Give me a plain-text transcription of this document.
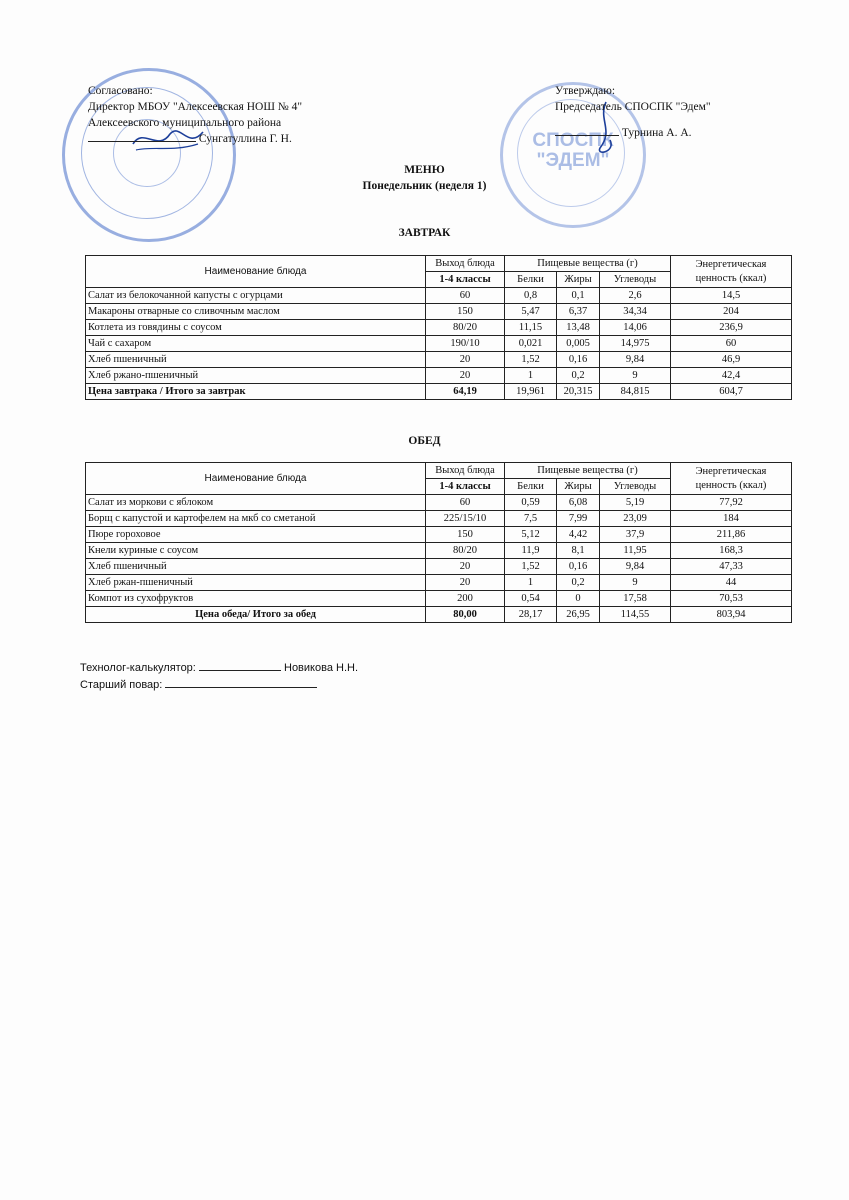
СПОСПК
"ЭДЕМ"
Согласовано:
Директор МБОУ "Алексеевская НОШ № 4"
Алексеевского муниципального района
Сунгатуллина Г. Н.
Утверждаю:
Председатель СПОСПК "Эдем"
Турнина А. А.
МЕНЮ
Понедельник (неделя 1)
ЗАВТРАК
Наименование блюда	Выход блюда	Пищевые вещества (г)			Энергетическая
ценность (ккал)

	1-4 классы	Белки	Жиры	Углеводы	
Салат из белокочанной капусты с огурцами	60	0,8	0,1	2,6	14,5
Макароны отварные со сливочным маслом	150	5,47	6,37	34,34	204
Котлета из говядины с соусом	80/20	11,15	13,48	14,06	236,9
Чай с сахаром	190/10	0,021	0,005	14,975	60
Хлеб пшеничный	20	1,52	0,16	9,84	46,9
Хлеб ржано-пшеничный	20	1	0,2	9	42,4
Цена завтрака / Итого за завтрак	64,19	19,961	20,315	84,815	604,7
ОБЕД
Наименование блюда	Выход блюда	Пищевые вещества (г)			Энергетическая
ценность (ккал)

	1-4 классы	Белки	Жиры	Углеводы	
Салат из моркови с яблоком	60	0,59	6,08	5,19	77,92
Борщ с капустой и картофелем на мкб со сметаной	225/15/10	7,5	7,99	23,09	184
Пюре гороховое	150	5,12	4,42	37,9	211,86
Кнели куриные с соусом	80/20	11,9	8,1	11,95	168,3
Хлеб пшеничный	20	1,52	0,16	9,84	47,33
Хлеб ржан-пшеничный	20	1	0,2	9	44
Компот из сухофруктов	200	0,54	0	17,58	70,53
Цена обеда/ Итого за обед	80,00	28,17	26,95	114,55	803,94
Технолог-калькулятор:	Новикова Н.Н.
Старший повар:
